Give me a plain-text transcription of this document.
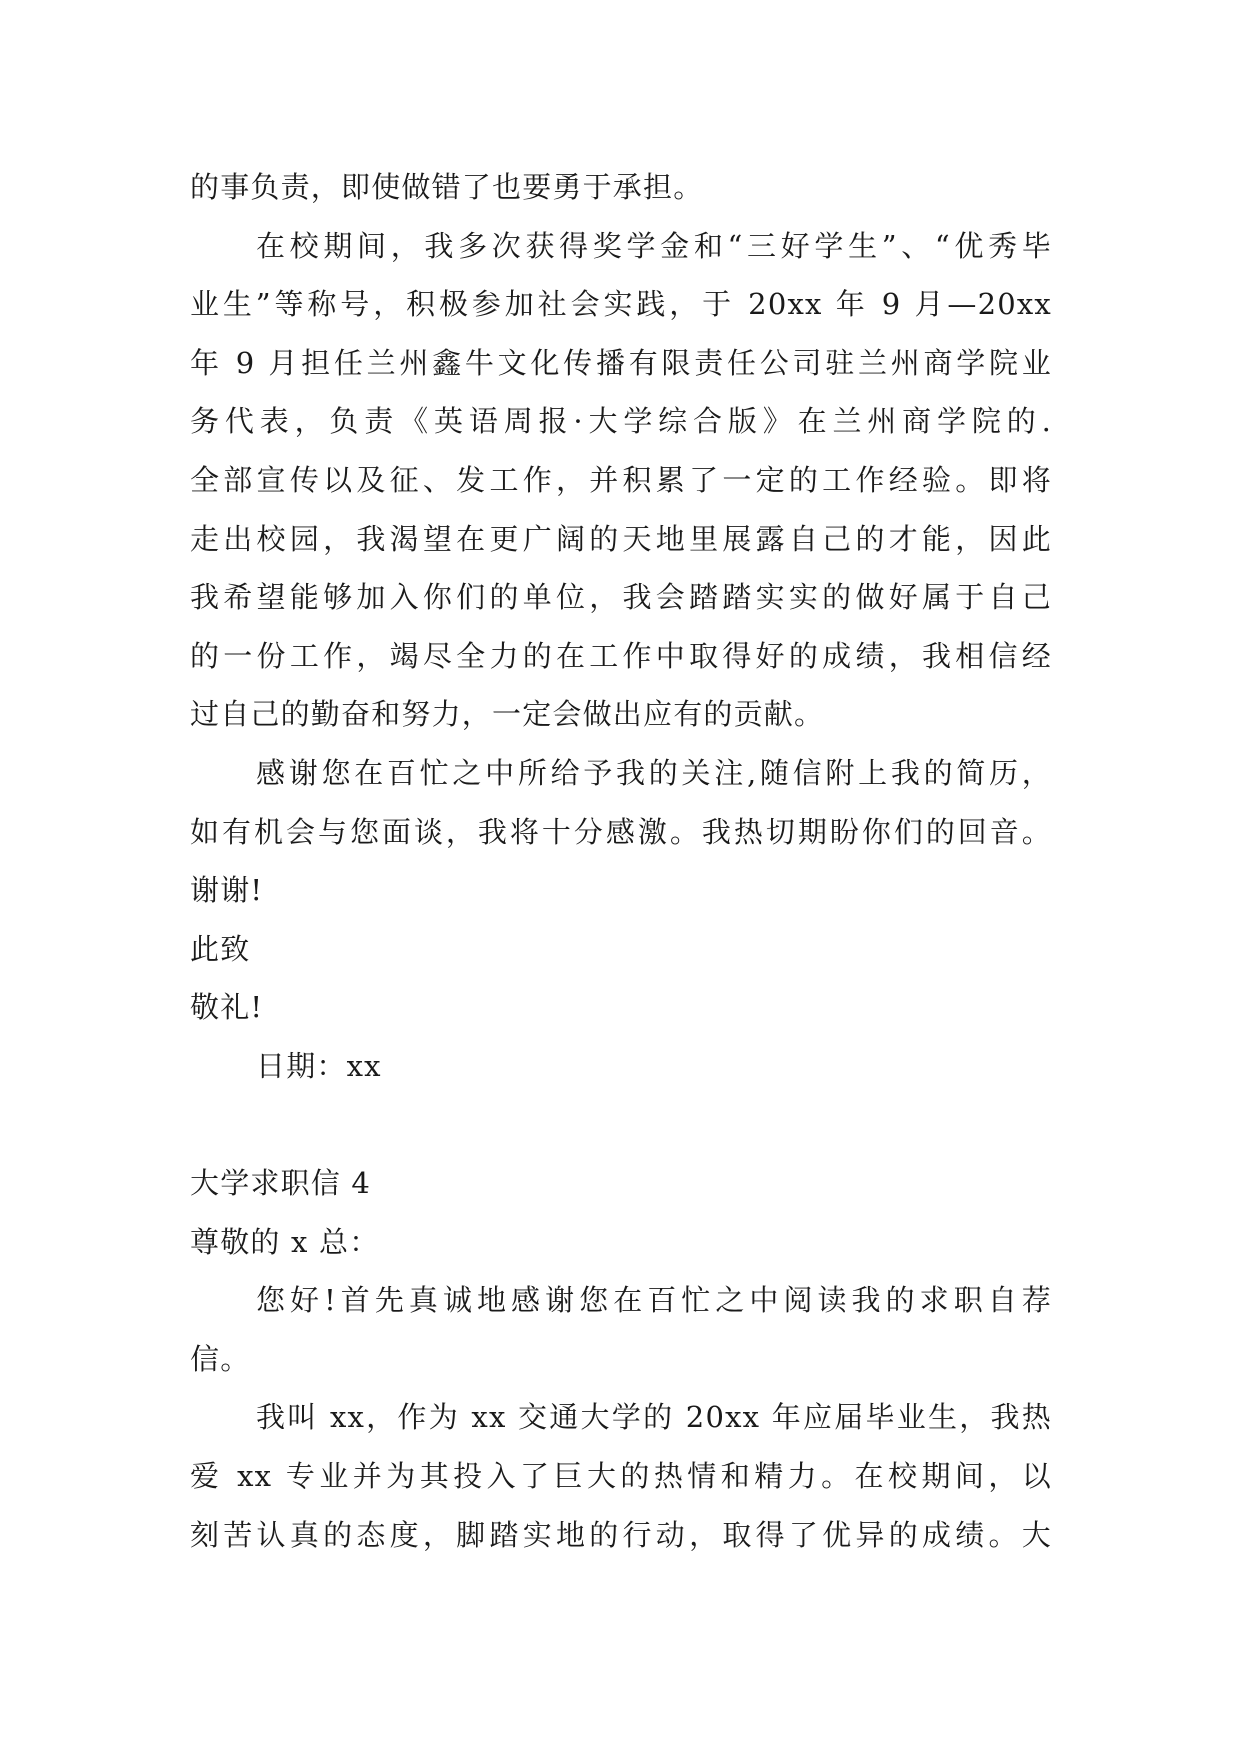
的事负责，即使做错了也要勇于承担。
在校期间，我多次获得奖学金和“三好学生”、“优秀毕
业生”等称号，积极参加社会实践，于 20xx 年 9 月—20xx
年 9 月担任兰州鑫牛文化传播有限责任公司驻兰州商学院业
务代表，负责《英语周报·大学综合版》在兰州商学院的.
全部宣传以及征、发工作，并积累了一定的工作经验。即将
走出校园，我渴望在更广阔的天地里展露自己的才能，因此
我希望能够加入你们的单位，我会踏踏实实的做好属于自己
的一份工作，竭尽全力的在工作中取得好的成绩，我相信经
过自己的勤奋和努力，一定会做出应有的贡献。
感谢您在百忙之中所给予我的关注,随信附上我的简历，
如有机会与您面谈，我将十分感激。我热切期盼你们的回音。
谢谢!
此致
敬礼!
日期：xx
大学求职信 4
尊敬的 x 总：
您好!首先真诚地感谢您在百忙之中阅读我的求职自荐
信。
我叫 xx，作为 xx 交通大学的 20xx 年应届毕业生，我热
爱 xx 专业并为其投入了巨大的热情和精力。在校期间，以
刻苦认真的态度，脚踏实地的行动，取得了优异的成绩。大
